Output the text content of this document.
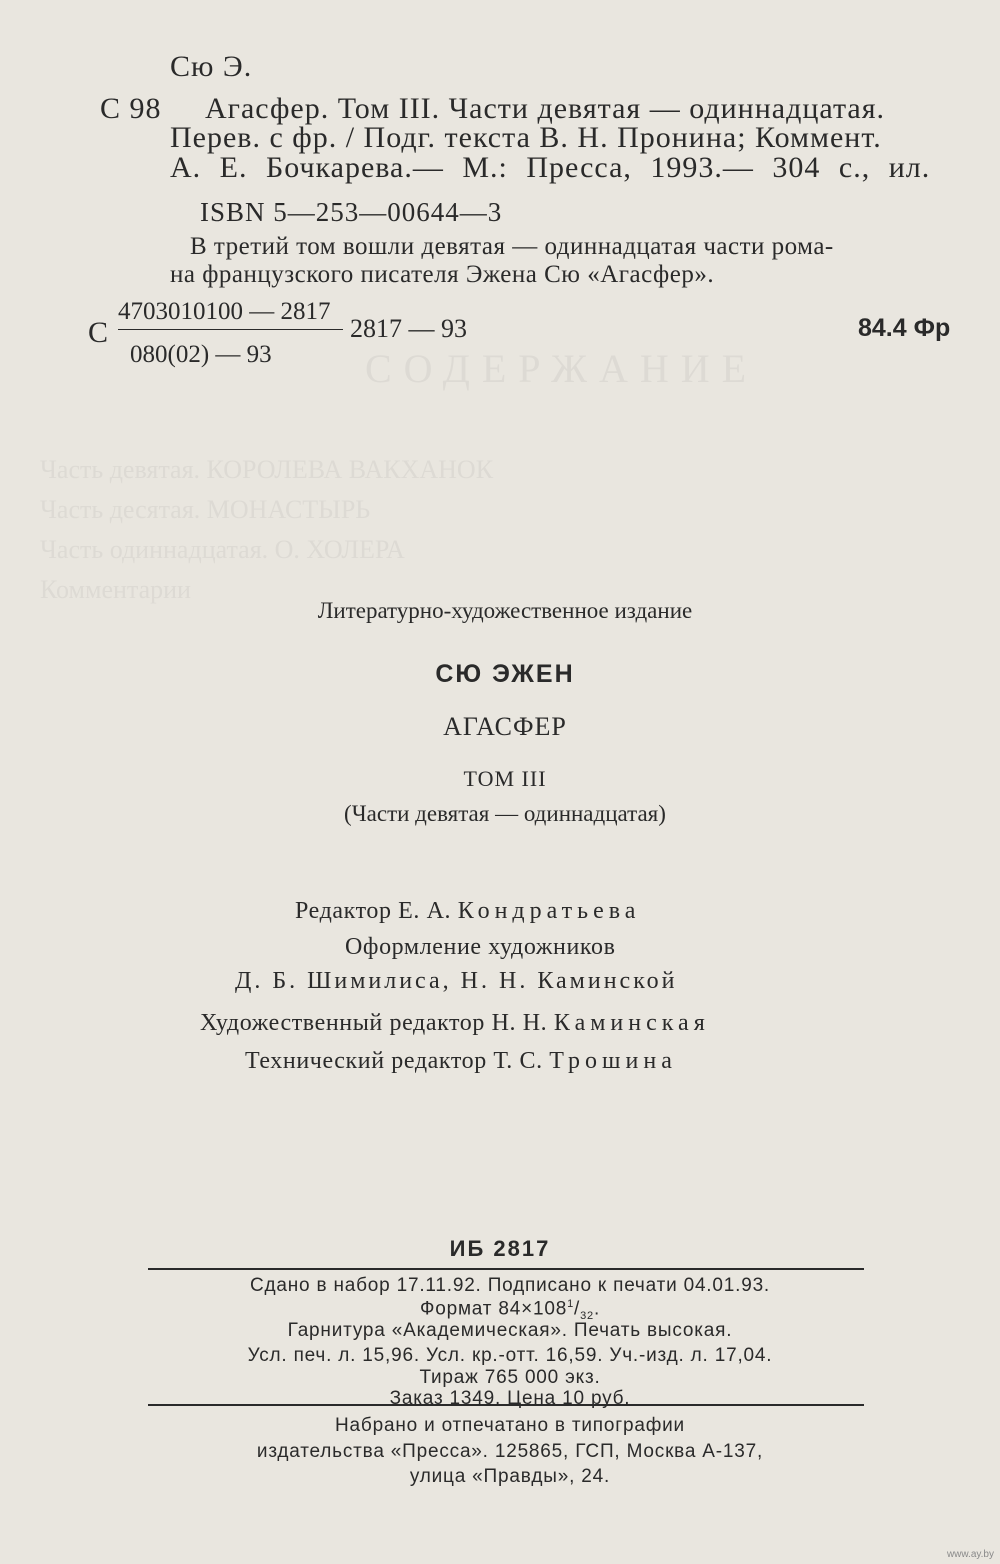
СОДЕРЖАНИЕ
Часть девятая. КОРОЛЕВА ВАКХАНОК
Часть десятая. МОНАСТЫРЬ
Часть одиннадцатая. О. ХОЛЕРА
Комментарии
Сю Э.
С 98 Агасфер. Том III. Части девятая — одиннадцатая.
Перев. с фр. / Подг. текста В. Н. Пронина; Коммент.
А. Е. Бочкарева.— М.: Пресса, 1993.— 304 с., ил.
ISBN 5—253—00644—3
В третий том вошли девятая — одиннадцатая части рома-
на французского писателя Эжена Сю «Агасфер».
С
4703010100 — 2817
080(02) — 93
2817 — 93	84.4 Фр
Литературно-художественное издание
СЮ ЭЖЕН
АГАСФЕР
ТОМ III
(Части девятая — одиннадцатая)
Редактор Е. А. Кондратьева
Оформление художников
Д. Б. Шимилиса, Н. Н. Каминской
Художественный редактор Н. Н. Каминская
Технический редактор Т. С. Трошина
ИБ 2817
Сдано в набор 17.11.92. Подписано к печати 04.01.93.
Формат $84\times 108^1/_{32}$.
Гарнитура «Академическая». Печать высокая.
Усл. печ. л. 15,96. Усл. кр.-отт. 16,59. Уч.-изд. л. 17,04.
Тираж 765 000 экз.
Заказ 1349. Цена 10 руб.
Набрано и отпечатано в типографии
издательства «Пресса». 125865, ГСП, Москва А-137,
улица «Правды», 24.
www.ay.by
